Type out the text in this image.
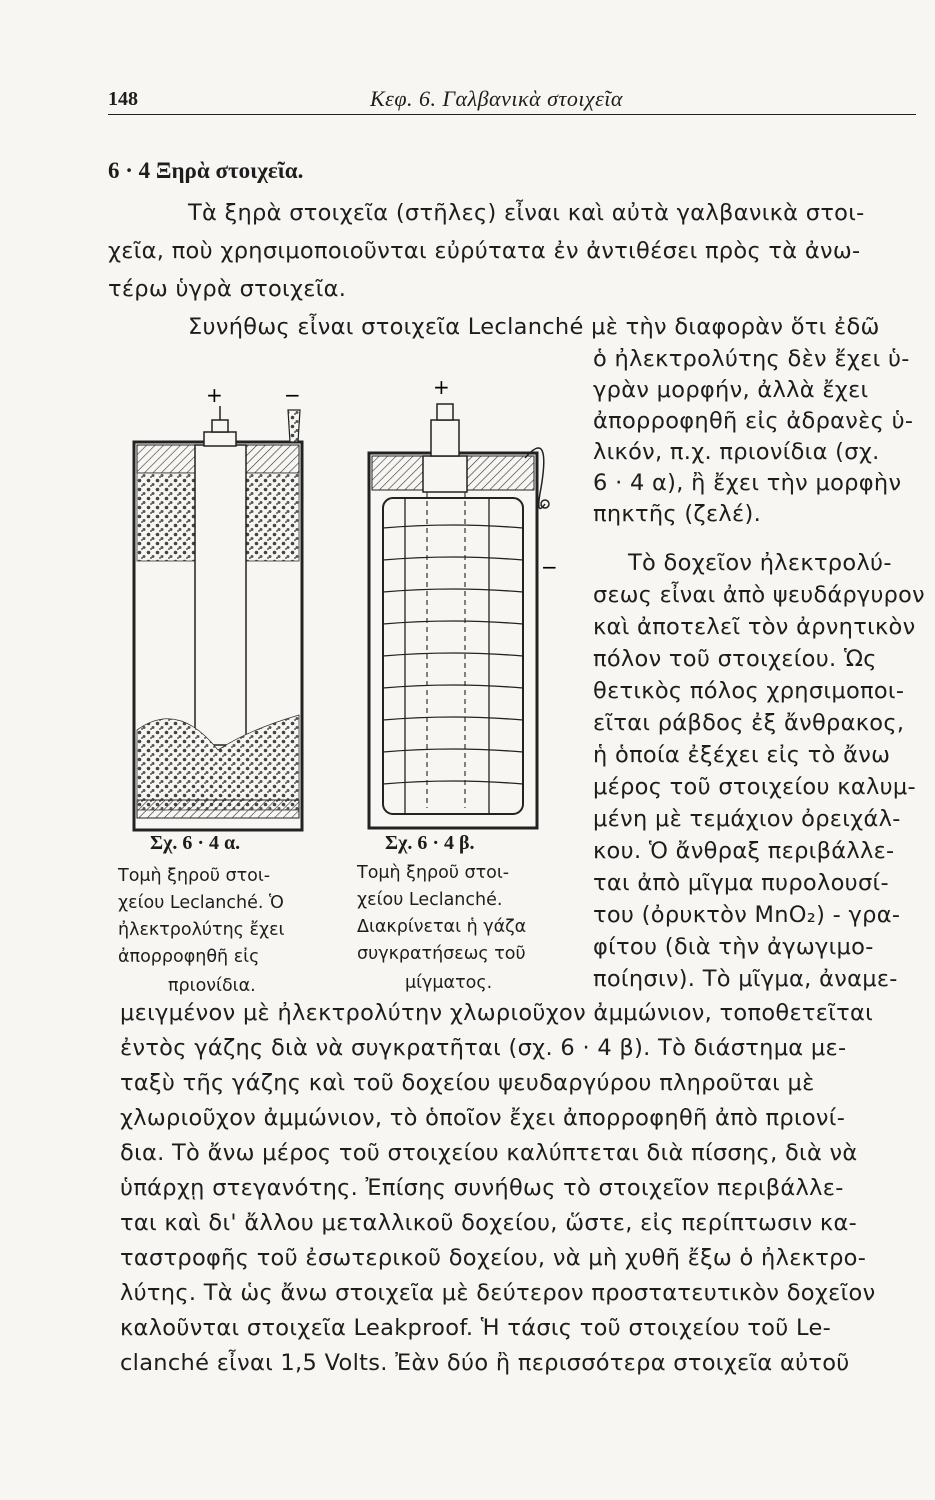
148	Κεφ. 6. Γαλβανικὰ στοιχεῖα
6 · 4 Ξηρὰ στοιχεῖα.
Τὰ ξηρὰ στοιχεῖα (στῆλες) εἶναι καὶ αὐτὰ γαλβανικὰ στοι-
χεῖα, ποὺ χρησιμοποιοῦνται εὐρύτατα ἐν ἀντιθέσει πρὸς τὰ ἀνω-
τέρω ὑγρὰ στοιχεῖα.
Συνήθως εἶναι στοιχεῖα Leclanché μὲ τὴν διαφορὰν ὅτι ἐδῶ
ὁ ἠλεκτρολύτης δὲν ἔχει ὑ-
γρὰν μορφήν, ἀλλὰ ἔχει
ἀπορροφηθῆ εἰς ἀδρανὲς ὑ-
λικόν, π.χ. πριονίδια (σχ.
6 · 4 α), ἢ ἔχει τὴν μορφὴν
πηκτῆς (ζελέ).
Τὸ δοχεῖον ἠλεκτρολύ-
σεως εἶναι ἀπὸ ψευδάργυρον
καὶ ἀποτελεῖ τὸν ἀρνητικὸν
πόλον τοῦ στοιχείου. Ὡς
θετικὸς πόλος χρησιμοποι-
εῖται ράβδος ἐξ ἄνθρακος,
ἡ ὁποία ἐξέχει εἰς τὸ ἄνω
μέρος τοῦ στοιχείου καλυμ-
μένη μὲ τεμάχιον ὀρειχάλ-
κου. Ὁ ἄνθραξ περιβάλλε-
ται ἀπὸ μῖγμα πυρολουσί-
του (ὀρυκτὸν MnO₂) - γρα-
φίτου (διὰ τὴν ἀγωγιμο-
ποίησιν). Τὸ μῖγμα, ἀναμε-
+	−
Σχ. 6 · 4 α.
Τομὴ ξηροῦ στοι-
χείου Leclanché. Ὁ
ἠλεκτρολύτης ἔχει
ἀπορροφηθῆ εἰς
πριονίδια.
+
−
Σχ. 6 · 4 β.
Τομὴ ξηροῦ στοι-
χείου Leclanché.
Διακρίνεται ἡ γάζα
συγκρατήσεως τοῦ
μίγματος.
μειγμένον μὲ ἠλεκτρολύτην χλωριοῦχον ἀμμώνιον, τοποθετεῖται
ἐντὸς γάζης διὰ νὰ συγκρατῆται (σχ. 6 · 4 β). Τὸ διάστημα με-
ταξὺ τῆς γάζης καὶ τοῦ δοχείου ψευδαργύρου πληροῦται μὲ
χλωριοῦχον ἀμμώνιον, τὸ ὁποῖον ἔχει ἀπορροφηθῆ ἀπὸ πριονί-
δια. Τὸ ἄνω μέρος τοῦ στοιχείου καλύπτεται διὰ πίσσης, διὰ νὰ
ὑπάρχῃ στεγανότης. Ἐπίσης συνήθως τὸ στοιχεῖον περιβάλλε-
ται καὶ δι' ἄλλου μεταλλικοῦ δοχείου, ὥστε, εἰς περίπτωσιν κα-
ταστροφῆς τοῦ ἐσωτερικοῦ δοχείου, νὰ μὴ χυθῆ ἔξω ὁ ἠλεκτρο-
λύτης. Τὰ ὡς ἄνω στοιχεῖα μὲ δεύτερον προστατευτικὸν δοχεῖον
καλοῦνται στοιχεῖα Leakproof. Ἡ τάσις τοῦ στοιχείου τοῦ Le-
clanché εἶναι 1,5 Volts. Ἐὰν δύο ἢ περισσότερα στοιχεῖα αὐτοῦ
